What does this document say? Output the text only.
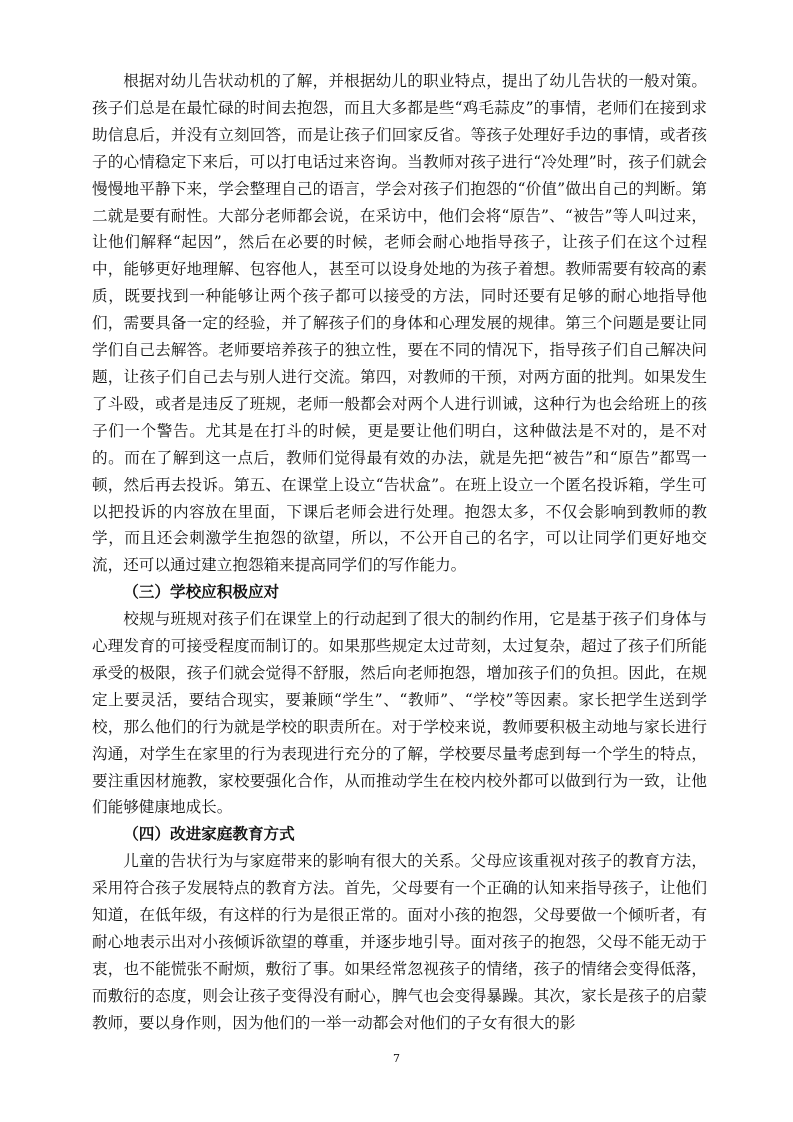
根据对幼儿告状动机的了解，并根据幼儿的职业特点，提出了幼儿告状的一般对策。孩子们总是在最忙碌的时间去抱怨，而且大多都是些“鸡毛蒜皮”的事情，老师们在接到求助信息后，并没有立刻回答，而是让孩子们回家反省。等孩子处理好手边的事情，或者孩子的心情稳定下来后，可以打电话过来咨询。当教师对孩子进行“冷处理”时，孩子们就会慢慢地平静下来，学会整理自己的语言，学会对孩子们抱怨的“价值”做出自己的判断。第二就是要有耐性。大部分老师都会说，在采访中，他们会将“原告”、“被告”等人叫过来，让他们解释“起因”，然后在必要的时候，老师会耐心地指导孩子，让孩子们在这个过程中，能够更好地理解、包容他人，甚至可以设身处地的为孩子着想。教师需要有较高的素质，既要找到一种能够让两个孩子都可以接受的方法，同时还要有足够的耐心地指导他们，需要具备一定的经验，并了解孩子们的身体和心理发展的规律。第三个问题是要让同学们自己去解答。老师要培养孩子的独立性，要在不同的情况下，指导孩子们自己解决问题，让孩子们自己去与别人进行交流。第四，对教师的干预，对两方面的批判。如果发生了斗殴，或者是违反了班规，老师一般都会对两个人进行训诫，这种行为也会给班上的孩子们一个警告。尤其是在打斗的时候，更是要让他们明白，这种做法是不对的，是不对的。而在了解到这一点后，教师们觉得最有效的办法，就是先把“被告”和“原告”都骂一顿，然后再去投诉。第五、在课堂上设立“告状盒”。在班上设立一个匿名投诉箱，学生可以把投诉的内容放在里面，下课后老师会进行处理。抱怨太多，不仅会影响到教师的教学，而且还会刺激学生抱怨的欲望，所以，不公开自己的名字，可以让同学们更好地交流，还可以通过建立抱怨箱来提高同学们的写作能力。

（三）学校应积极应对

校规与班规对孩子们在课堂上的行动起到了很大的制约作用，它是基于孩子们身体与心理发育的可接受程度而制订的。如果那些规定太过苛刻，太过复杂，超过了孩子们所能承受的极限，孩子们就会觉得不舒服，然后向老师抱怨，增加孩子们的负担。因此，在规定上要灵活，要结合现实，要兼顾“学生”、“教师”、“学校”等因素。家长把学生送到学校，那么他们的行为就是学校的职责所在。对于学校来说，教师要积极主动地与家长进行沟通，对学生在家里的行为表现进行充分的了解，学校要尽量考虑到每一个学生的特点，要注重因材施教，家校要强化合作，从而推动学生在校内校外都可以做到行为一致，让他们能够健康地成长。

（四）改进家庭教育方式

儿童的告状行为与家庭带来的影响有很大的关系。父母应该重视对孩子的教育方法，采用符合孩子发展特点的教育方法。首先，父母要有一个正确的认知来指导孩子，让他们知道，在低年级，有这样的行为是很正常的。面对小孩的抱怨，父母要做一个倾听者，有耐心地表示出对小孩倾诉欲望的尊重，并逐步地引导。面对孩子的抱怨，父母不能无动于衷，也不能慌张不耐烦，敷衍了事。如果经常忽视孩子的情绪，孩子的情绪会变得低落，而敷衍的态度，则会让孩子变得没有耐心，脾气也会变得暴躁。其次，家长是孩子的启蒙教师，要以身作则，因为他们的一举一动都会对他们的子女有很大的影

7
